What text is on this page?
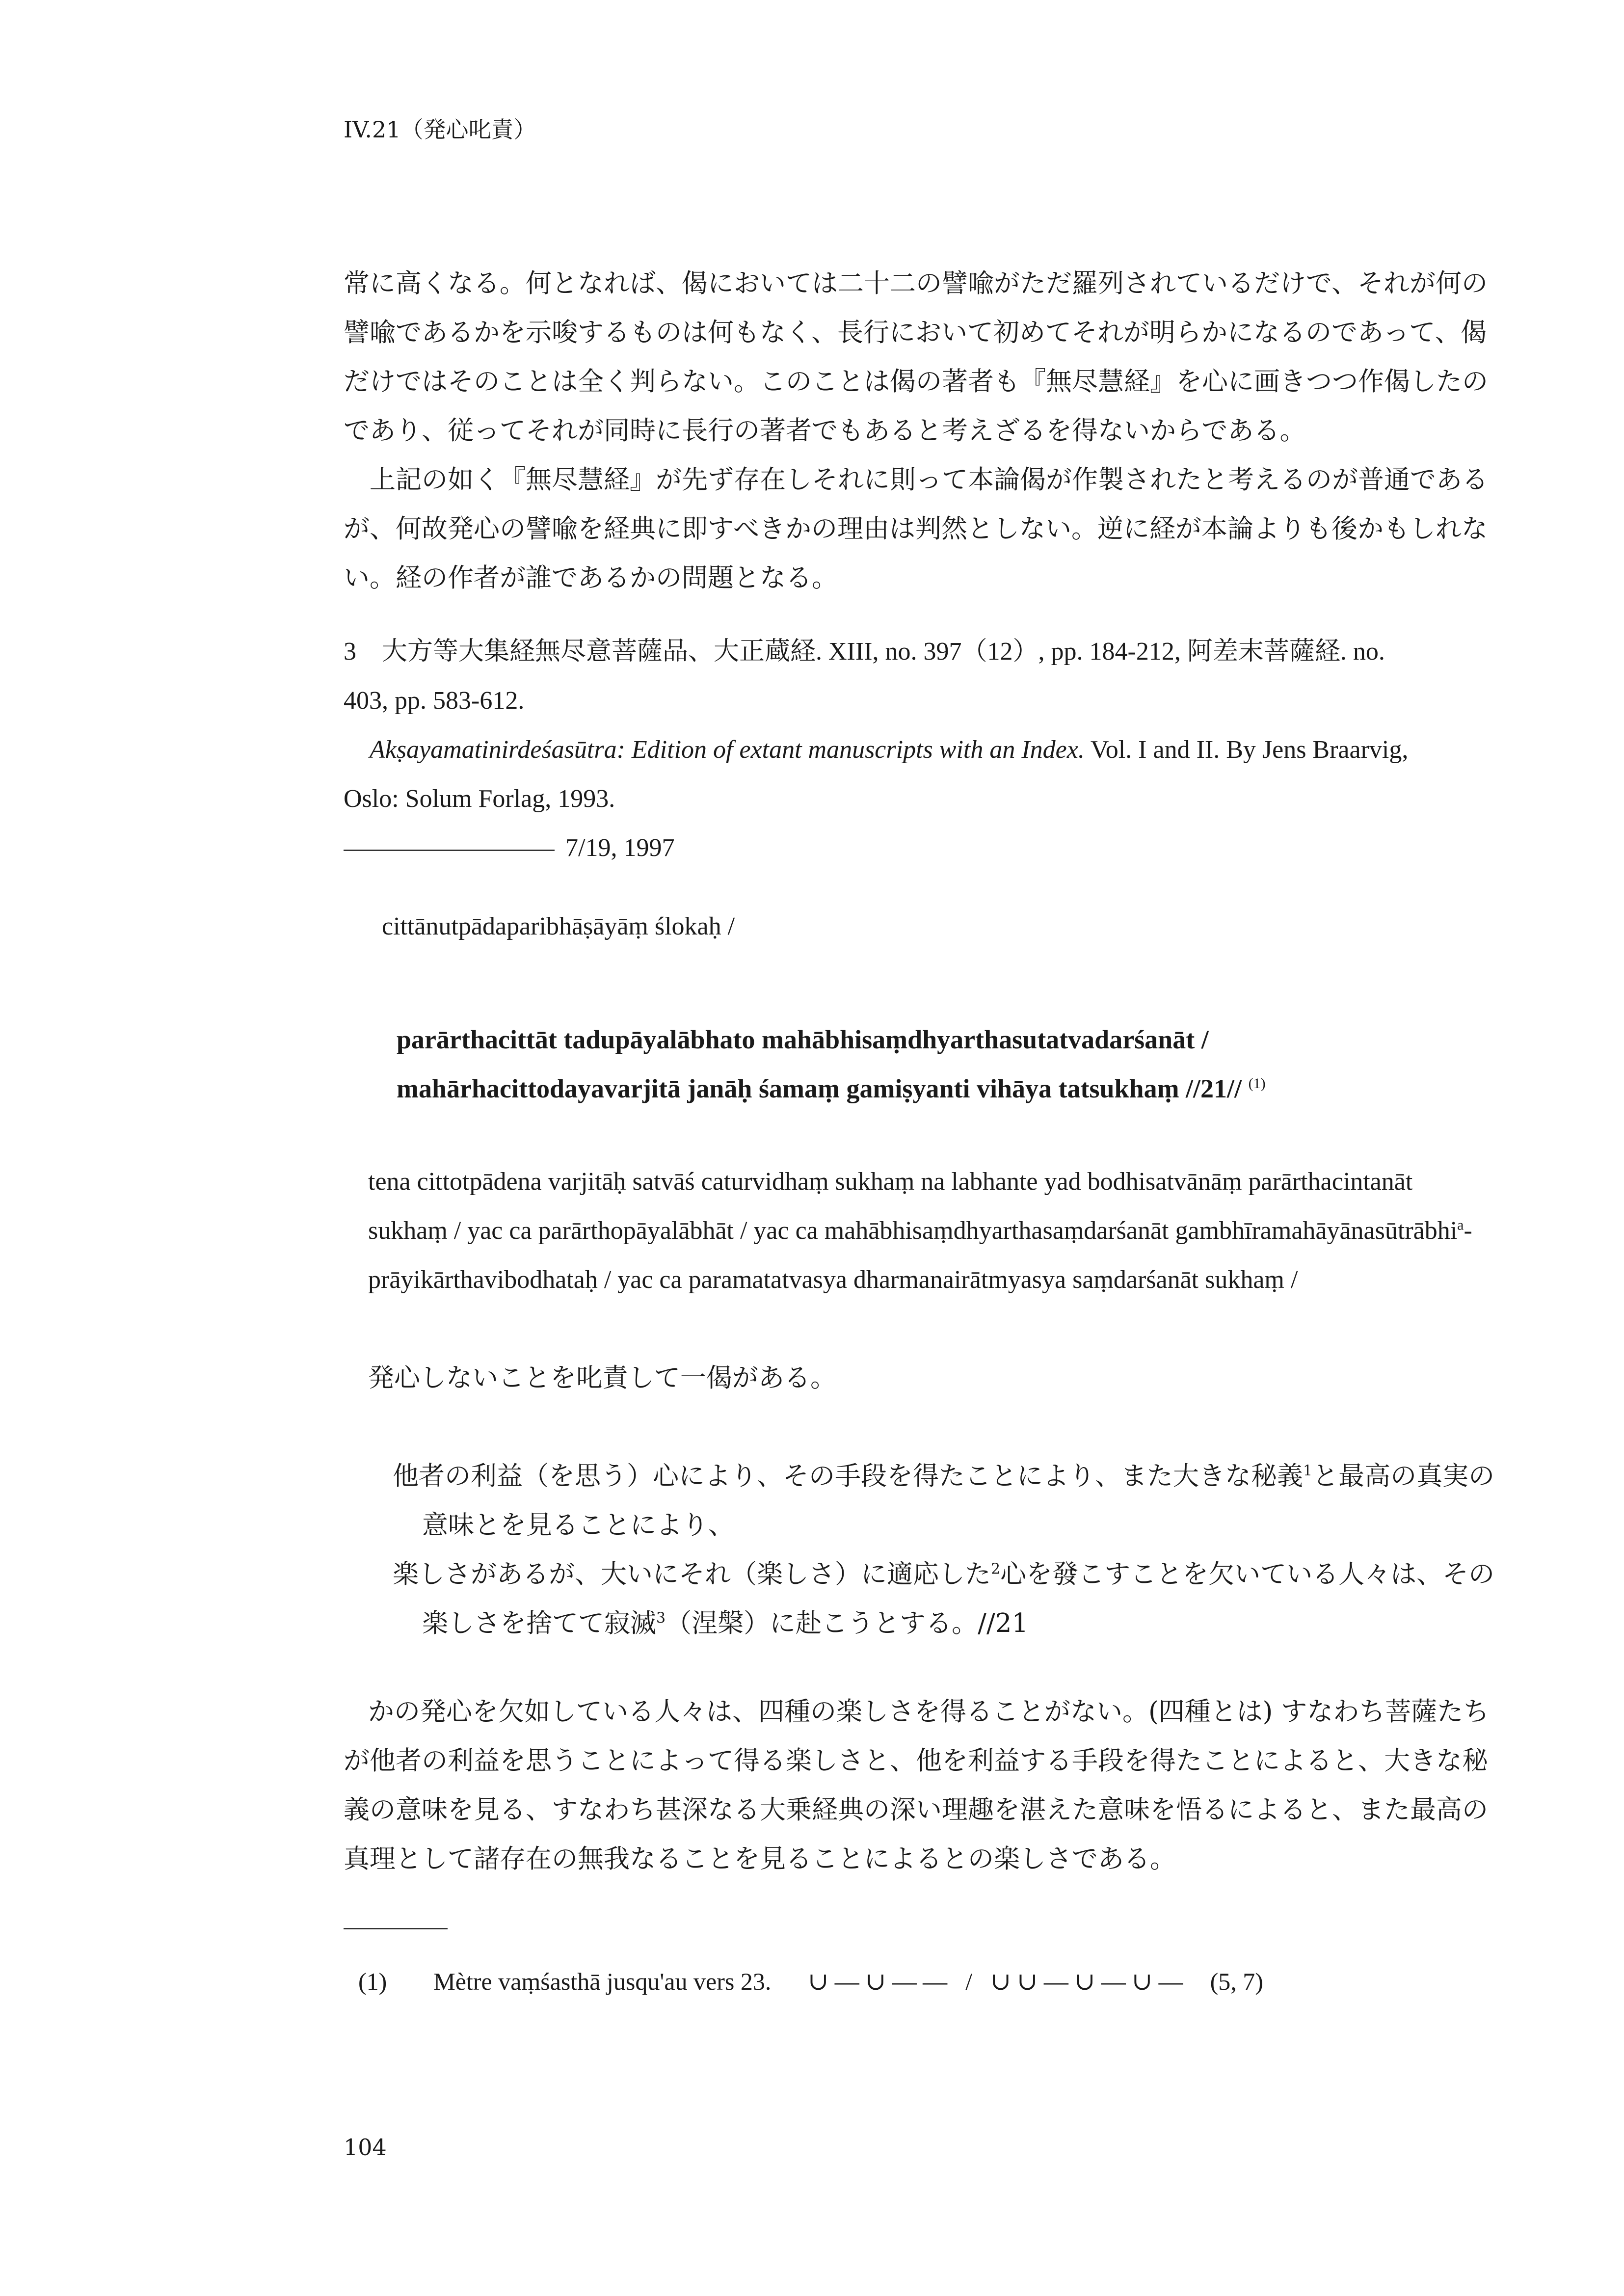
IV.21（発心叱責）
常に高くなる。何となれば、偈においては二十二の譬喩がただ羅列されているだけで、それが何の
譬喩であるかを示唆するものは何もなく、長行において初めてそれが明らかになるのであって、偈
だけではそのことは全く判らない。このことは偈の著者も『無尽慧経』を心に画きつつ作偈したの
であり、従ってそれが同時に長行の著者でもあると考えざるを得ないからである。
上記の如く『無尽慧経』が先ず存在しそれに則って本論偈が作製されたと考えるのが普通である
が、何故発心の譬喩を経典に即すべきかの理由は判然としない。逆に経が本論よりも後かもしれな
い。経の作者が誰であるかの問題となる。
3　大方等大集経無尽意菩薩品、大正蔵経. XIII, no. 397（12）, pp. 184-212, 阿差末菩薩経. no.
403, pp. 583-612.
Akṣayamatinirdeśasūtra: Edition of extant manuscripts with an Index. Vol. I and II. By Jens Braarvig,
Oslo: Solum Forlag, 1993.
7/19, 1997
cittānutpādaparibhāṣāyāṃ ślokaḥ /
parārthacittāt tadupāyalābhato mahābhisaṃdhyarthasutatvadarśanāt /
mahārhacittodayavarjitā janāḥ śamaṃ gamiṣyanti vihāya tatsukhaṃ //21// $^{(1)}$
tena cittotpādena varjitāḥ satvāś caturvidhaṃ sukhaṃ na labhante yad bodhisatvānāṃ parārthacintanāt
sukhaṃ / yac ca parārthopāyalābhāt / yac ca mahābhisaṃdhyarthasaṃdarśanāt gambhīramahāyānasūtrābhi$^a$-
prāyikārthavibodhataḥ / yac ca paramatatvasya dharmanairātmyasya saṃdarśanāt sukhaṃ /
発心しないことを叱責して一偈がある。
他者の利益（を思う）心により、その手段を得たことにより、また大きな秘義$^1$と最高の真実の
意味とを見ることにより、
楽しさがあるが、大いにそれ（楽しさ）に適応した$^2$心を發こすことを欠いている人々は、その
楽しさを捨てて寂滅$^3$（涅槃）に赴こうとする。//21
かの発心を欠如している人々は、四種の楽しさを得ることがない。(四種とは) すなわち菩薩たち
が他者の利益を思うことによって得る楽しさと、他を利益する手段を得たことによると、大きな秘
義の意味を見る、すなわち甚深なる大乗経典の深い理趣を湛えた意味を悟るによると、また最高の
真理として諸存在の無我なることを見ることによるとの楽しさである。
(1) Mètre vaṃśasthā jusqu'au vers 23. ∪ — ∪ — — / ∪ ∪ — ∪ — ∪ — (5, 7)
104
